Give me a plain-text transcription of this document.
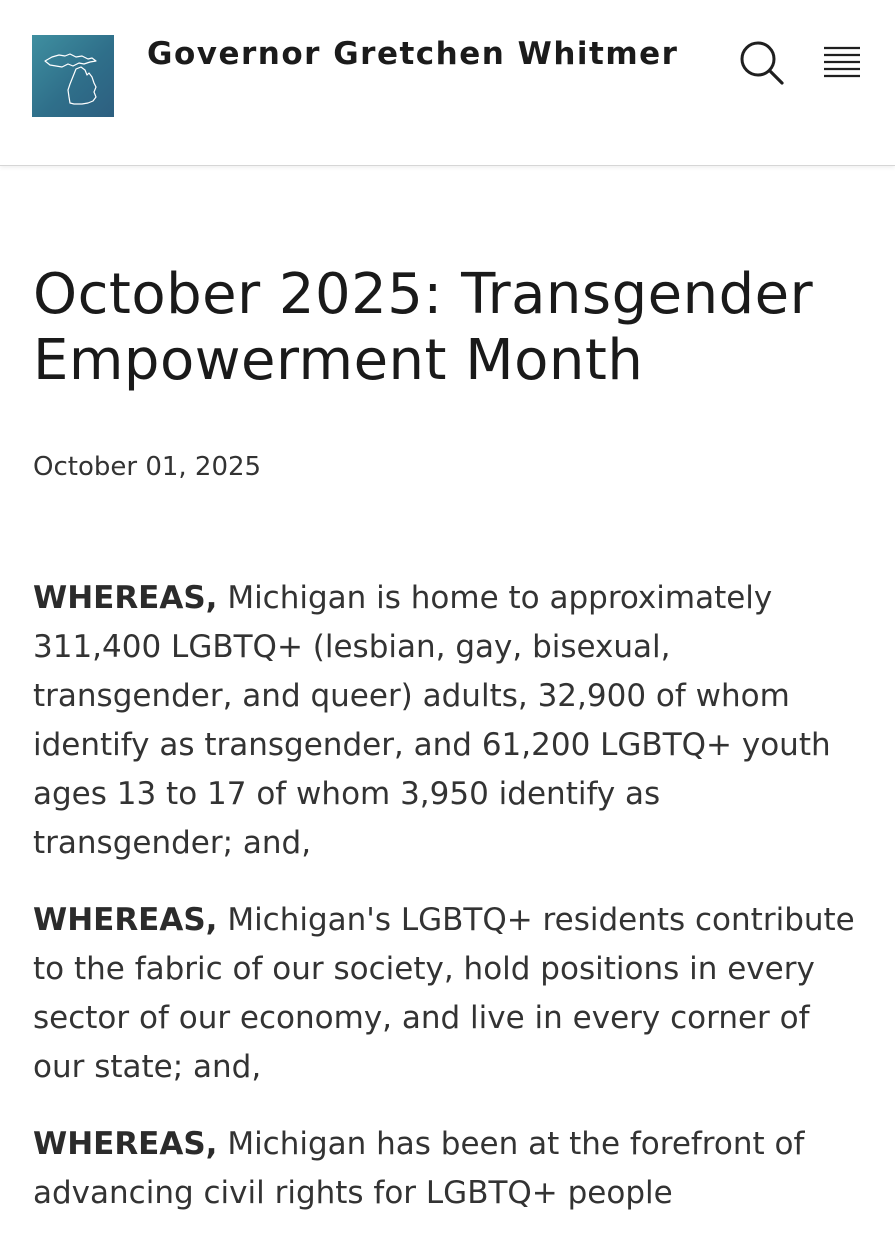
Governor Gretchen Whitmer
October 2025: Transgender Empowerment Month
October 01, 2025

WHEREAS, Michigan is home to approximately 311,400 LGBTQ+ (lesbian, gay, bisexual, transgender, and queer) adults, 32,900 of whom identify as transgender, and 61,200 LGBTQ+ youth ages 13 to 17 of whom 3,950 identify as transgender; and,

WHEREAS, Michigan's LGBTQ+ residents contribute to the fabric of our society, hold positions in every sector of our economy, and live in every corner of our state; and,

WHEREAS, Michigan has been at the forefront of advancing civil rights for LGBTQ+ people
